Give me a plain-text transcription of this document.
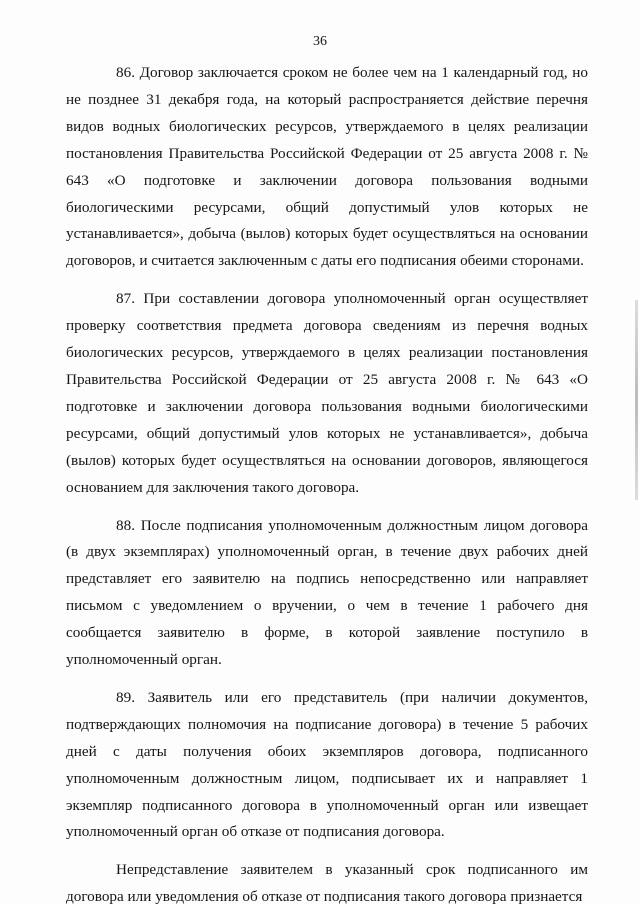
36

86. Договор заключается сроком не более чем на 1 календарный год, но не позднее 31 декабря года, на который распространяется действие перечня видов водных биологических ресурсов, утверждаемого в целях реализации постановления Правительства Российской Федерации от 25 августа 2008 г. № 643 «О подготовке и заключении договора пользования водными биологическими ресурсами, общий допустимый улов которых не устанавливается», добыча (вылов) которых будет осуществляться на основании договоров, и считается заключенным с даты его подписания обеими сторонами.

87. При составлении договора уполномоченный орган осуществляет проверку соответствия предмета договора сведениям из перечня водных биологических ресурсов, утверждаемого в целях реализации постановления Правительства Российской Федерации от 25 августа 2008 г. № 643 «О подготовке и заключении договора пользования водными биологическими ресурсами, общий допустимый улов которых не устанавливается», добыча (вылов) которых будет осуществляться на основании договоров, являющегося основанием для заключения такого договора.

88. После подписания уполномоченным должностным лицом договора (в двух экземплярах) уполномоченный орган, в течение двух рабочих дней представляет его заявителю на подпись непосредственно или направляет письмом с уведомлением о вручении, о чем в течение 1 рабочего дня сообщается заявителю в форме, в которой заявление поступило в уполномоченный орган.

89. Заявитель или его представитель (при наличии документов, подтверждающих полномочия на подписание договора) в течение 5 рабочих дней с даты получения обоих экземпляров договора, подписанного уполномоченным должностным лицом, подписывает их и направляет 1 экземпляр подписанного договора в уполномоченный орган или извещает уполномоченный орган об отказе от подписания договора.

Непредставление заявителем в указанный срок подписанного им договора или уведомления об отказе от подписания такого договора признается
